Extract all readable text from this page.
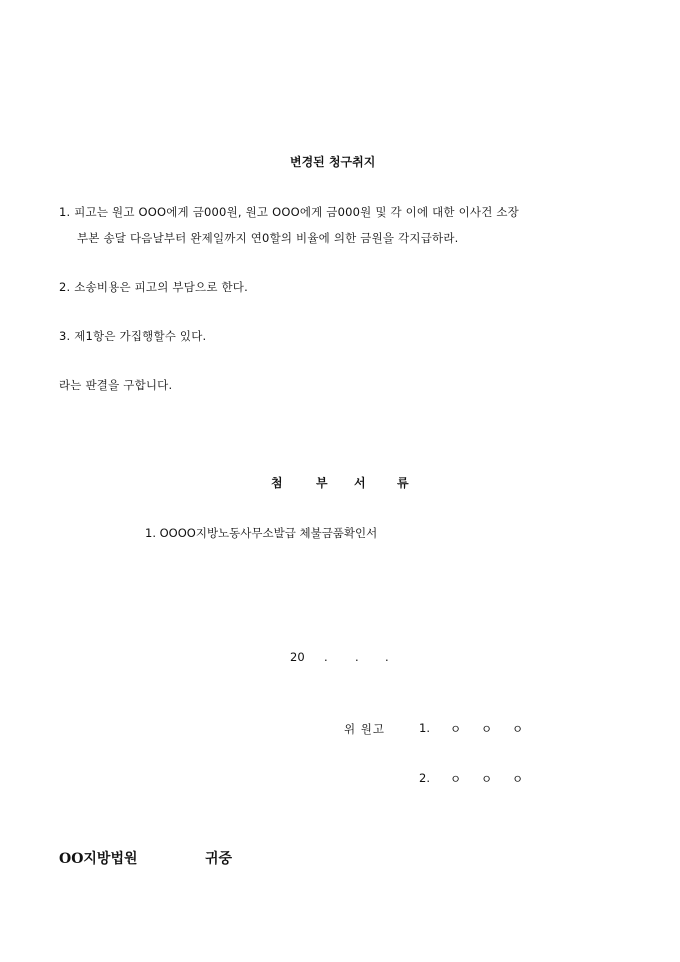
변경된 청구취지
1. 피고는 원고 OOO에게 금000원, 원고 OOO에게 금000원 및 각 이에 대한 이사건 소장
부본 송달 다음날부터 완제일까지 연0할의 비율에 의한 금원을 각지급하라.
2. 소송비용은 피고의 부담으로 한다.
3. 제1항은 가집행할수 있다.
라는 판결을 구합니다.
첨	부 서	류
1. OOOO지방노동사무소발급 체불금품확인서
20 . . .
위 원고	1. ㅇ ㅇ ㅇ
2. ㅇ ㅇ ㅇ
OO지방법원	귀중
